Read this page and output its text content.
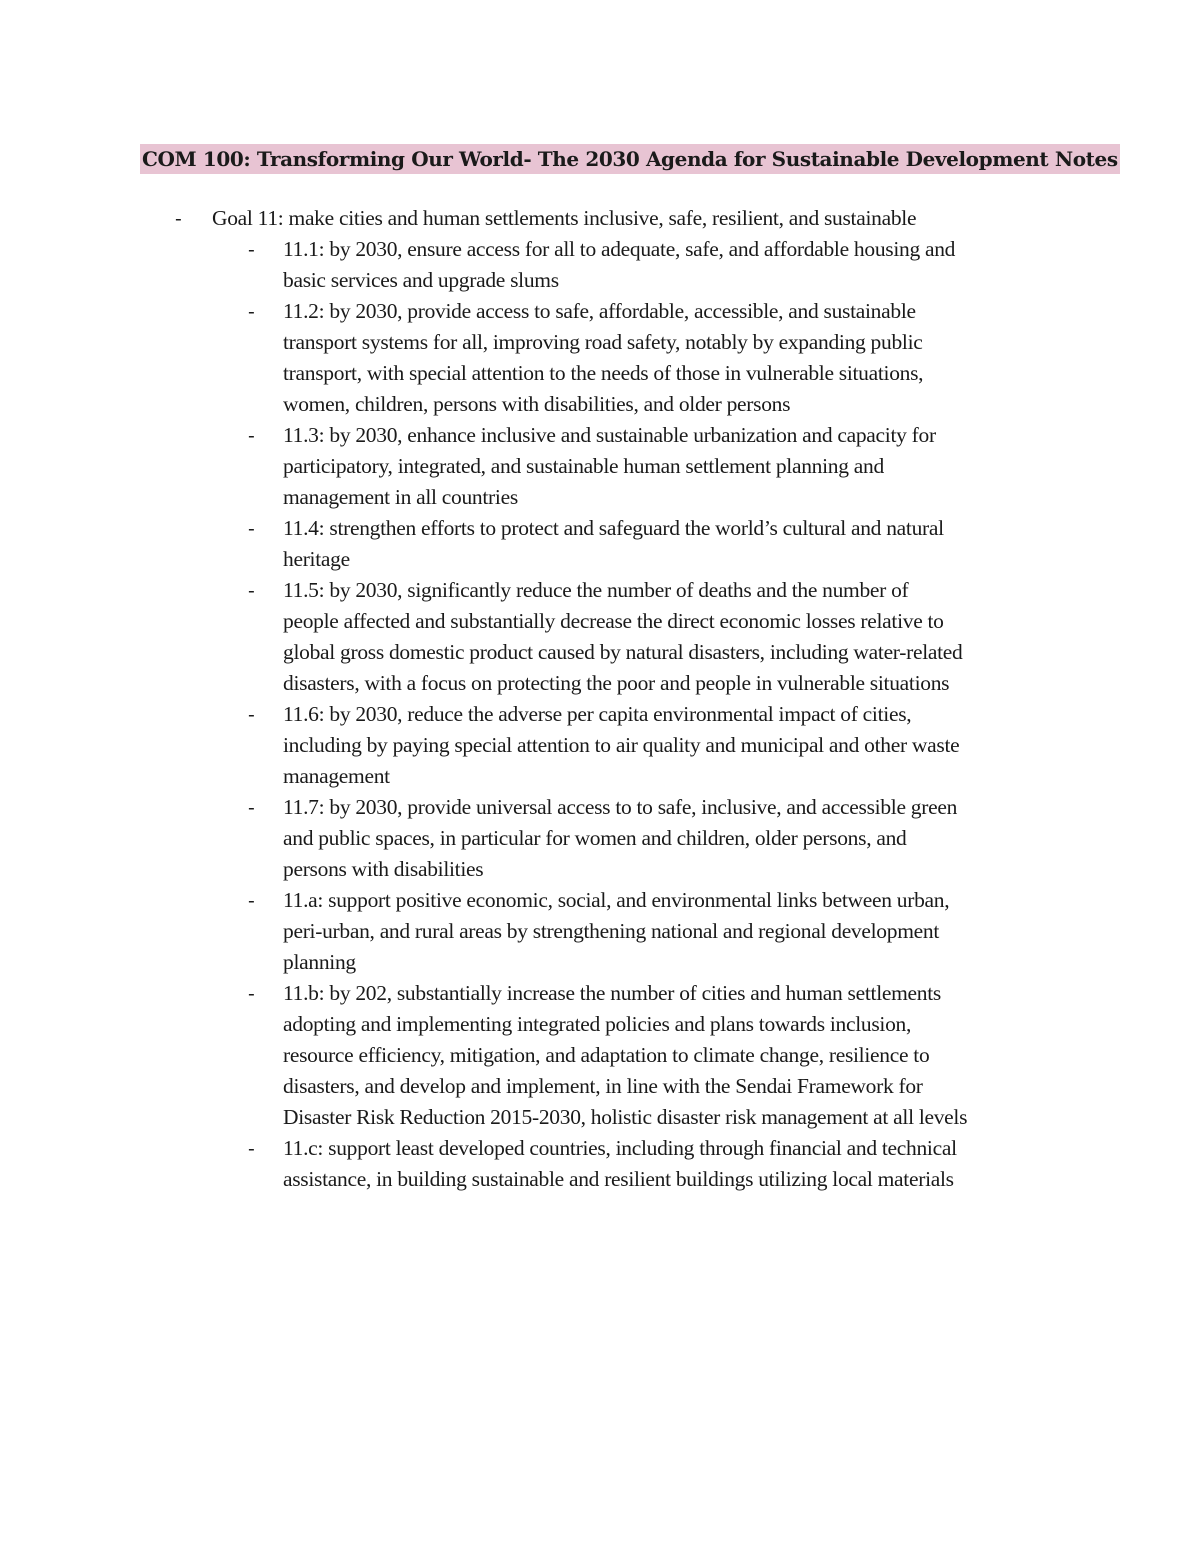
COM 100: Transforming Our World- The 2030 Agenda for Sustainable Development Notes
- Goal 11: make cities and human settlements inclusive, safe, resilient, and sustainable
- 11.1: by 2030, ensure access for all to adequate, safe, and affordable housing and
basic services and upgrade slums
- 11.2: by 2030, provide access to safe, affordable, accessible, and sustainable
transport systems for all, improving road safety, notably by expanding public
transport, with special attention to the needs of those in vulnerable situations,
women, children, persons with disabilities, and older persons
- 11.3: by 2030, enhance inclusive and sustainable urbanization and capacity for
participatory, integrated, and sustainable human settlement planning and
management in all countries
- 11.4: strengthen efforts to protect and safeguard the world’s cultural and natural
heritage
- 11.5: by 2030, significantly reduce the number of deaths and the number of
people affected and substantially decrease the direct economic losses relative to
global gross domestic product caused by natural disasters, including water-related
disasters, with a focus on protecting the poor and people in vulnerable situations
- 11.6: by 2030, reduce the adverse per capita environmental impact of cities,
including by paying special attention to air quality and municipal and other waste
management
- 11.7: by 2030, provide universal access to to safe, inclusive, and accessible green
and public spaces, in particular for women and children, older persons, and
persons with disabilities
- 11.a: support positive economic, social, and environmental links between urban,
peri-urban, and rural areas by strengthening national and regional development
planning
- 11.b: by 202, substantially increase the number of cities and human settlements
adopting and implementing integrated policies and plans towards inclusion,
resource efficiency, mitigation, and adaptation to climate change, resilience to
disasters, and develop and implement, in line with the Sendai Framework for
Disaster Risk Reduction 2015-2030, holistic disaster risk management at all levels
- 11.c: support least developed countries, including through financial and technical
assistance, in building sustainable and resilient buildings utilizing local materials
